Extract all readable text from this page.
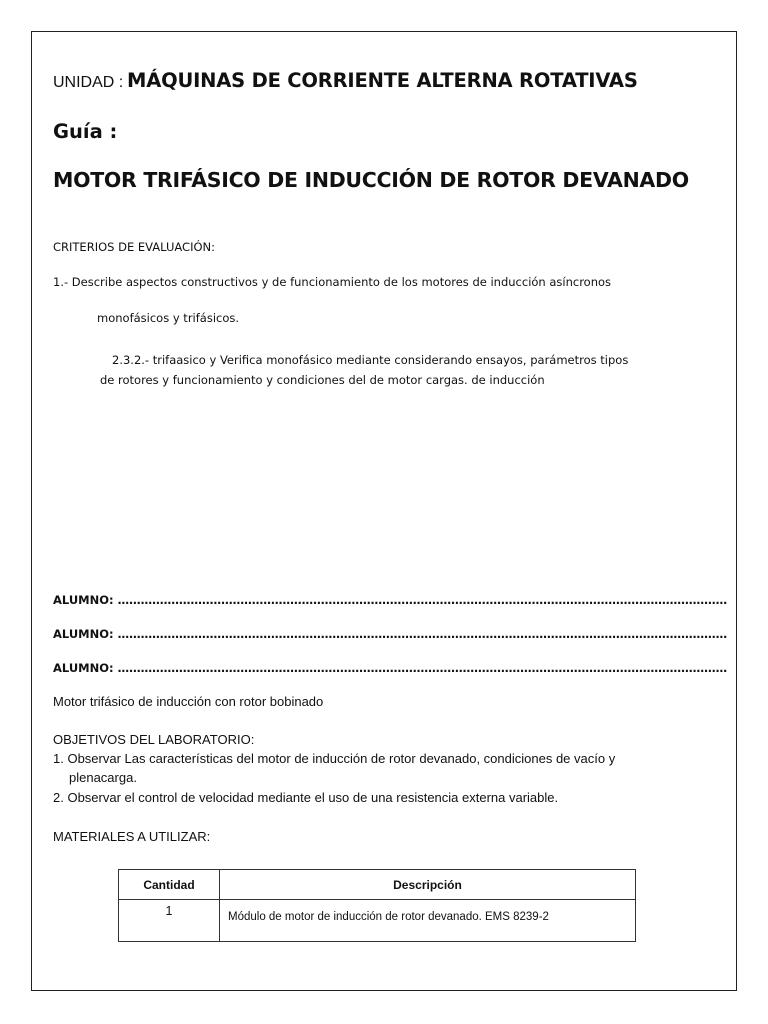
UNIDAD : MÁQUINAS DE CORRIENTE ALTERNA ROTATIVAS
Guía :
MOTOR TRIFÁSICO DE INDUCCIÓN DE ROTOR DEVANADO
CRITERIOS DE EVALUACIÓN:
1.- Describe aspectos constructivos y de funcionamiento de los motores de inducción asíncronos
monofásicos y trifásicos.
2.3.2.- trifaasico y Verifica monofásico mediante considerando ensayos, parámetros tipos
de rotores y funcionamiento y condiciones del de motor cargas. de inducción
ALUMNO: ……………………………………………………………………………………………………………………………………………
ALUMNO: ……………………………………………………………………………………………………………………………………………
ALUMNO: ……………………………………………………………………………………………………………………………………………
Motor trifásico de inducción con rotor bobinado
OBJETIVOS DEL LABORATORIO:
1. Observar Las características del motor de inducción de rotor devanado, condiciones de vacío y
plenacarga.
2. Observar el control de velocidad mediante el uso de una resistencia externa variable.
MATERIALES A UTILIZAR:
Cantidad	Descripción
1	Módulo de motor de inducción de rotor devanado. EMS 8239-2
